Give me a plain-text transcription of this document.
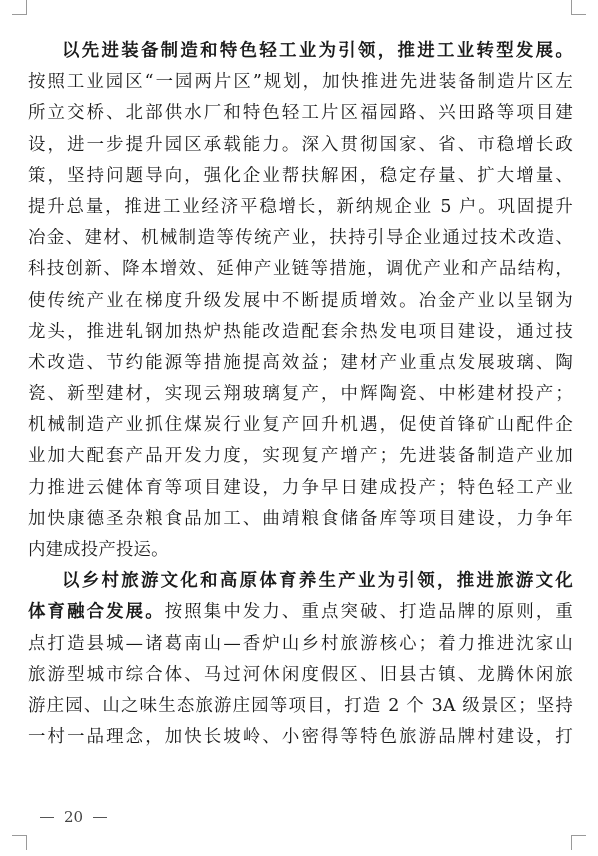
以先进装备制造和特色轻工业为引领，推进工业转型发展。
按照工业园区“一园两片区”规划，加快推进先进装备制造片区左
所立交桥、北部供水厂和特色轻工片区福园路、兴田路等项目建
设，进一步提升园区承载能力。深入贯彻国家、省、市稳增长政
策，坚持问题导向，强化企业帮扶解困，稳定存量、扩大增量、
提升总量，推进工业经济平稳增长，新纳规企业 5 户。巩固提升
冶金、建材、机械制造等传统产业，扶持引导企业通过技术改造、
科技创新、降本增效、延伸产业链等措施，调优产业和产品结构，
使传统产业在梯度升级发展中不断提质增效。冶金产业以呈钢为
龙头，推进轧钢加热炉热能改造配套余热发电项目建设，通过技
术改造、节约能源等措施提高效益；建材产业重点发展玻璃、陶
瓷、新型建材，实现云翔玻璃复产，中辉陶瓷、中彬建材投产；
机械制造产业抓住煤炭行业复产回升机遇，促使首锋矿山配件企
业加大配套产品开发力度，实现复产增产；先进装备制造产业加
力推进云健体育等项目建设，力争早日建成投产；特色轻工产业
加快康德圣杂粮食品加工、曲靖粮食储备库等项目建设，力争年
内建成投产投运。
以乡村旅游文化和高原体育养生产业为引领，推进旅游文化
体育融合发展。按照集中发力、重点突破、打造品牌的原则，重
点打造县城—诸葛南山—香炉山乡村旅游核心；着力推进沈家山
旅游型城市综合体、马过河休闲度假区、旧县古镇、龙腾休闲旅
游庄园、山之味生态旅游庄园等项目，打造 2 个 3A 级景区；坚持
一村一品理念，加快长坡岭、小密得等特色旅游品牌村建设，打
20
